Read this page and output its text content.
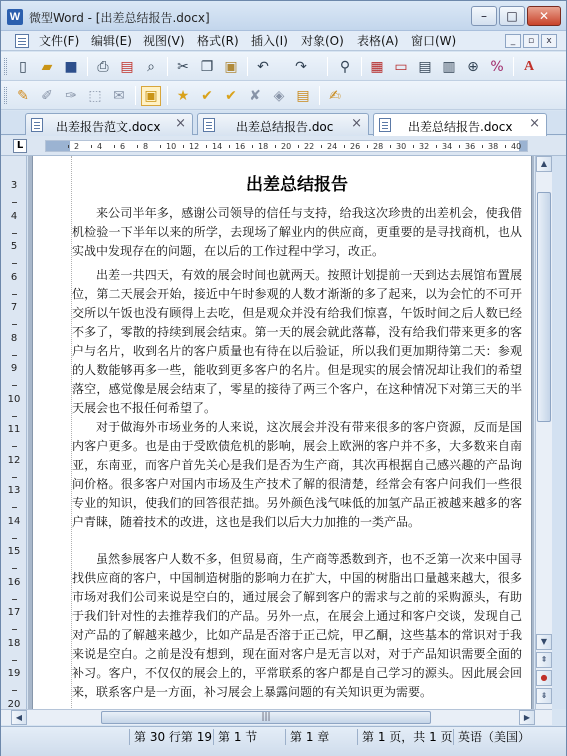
W 微型Word - [出差总结报告.docx]	–	□	✕
文件(F) 编辑(E) 视图(V) 格式(R) 插入(I) 对象(O) 表格(A) 窗口(W)	_	▫	x
▯	▰ ■	⎙ ▤ ⌕	✂ ❐ ▣ ↶ ↷	⚲	▦ ▭ ▤ ▥ ⊕ %	A
✎ ✐ ✑ ⬚ ✉ ▣ ★ ✔ ✔ ✘ ◈ ▤ ✍
出差报告范文.docx ×	出差总结报告.doc ×	出差总结报告.docx ×
L	2 4 6 8 10 12 14 16 18 20 22 24 26 28 30 32 34 36 38 40
3
4
5
6
7
8
9
10
11
12
13
14
15
16
17
18
19
20
出差总结报告

来公司半年多，感谢公司领导的信任与支持，给我这次珍贵的出差机会，使我借机检验一下半年以来的所学，去现场了解业内的供应商，更重要的是寻找商机，也从实战中发现存在的问题，在以后的工作过程中学习，改正。

出差一共四天，有效的展会时间也就两天。按照计划提前一天到达去展馆布置展位，第二天展会开始，接近中午时参观的人数才渐渐的多了起来，以为会忙的不可开交所以午饭也没有顾得上去吃，但是观众并没有给我们惊喜，午饭时间之后人数已经不多了，零散的持续到展会结束。第一天的展会就此落幕，没有给我们带来更多的客户与名片，收到名片的客户质量也有待在以后验证，所以我们更加期待第二天：参观的人数能够再多一些，能收到更多客户的名片。但是现实的展会情况却让我们的希望落空，感觉像是展会结束了，零星的接待了两三个客户，在这种情况下对第三天的半天展会也不报任何希望了。

对于做海外市场业务的人来说，这次展会并没有带来很多的客户资源，反而是国内客户更多。也是由于受欧债危机的影响，展会上欧洲的客户并不多，大多数来自南亚，东南亚，而客户首先关心是我们是否为生产商，其次再根据自己感兴趣的产品询问价格。很多客户对国内市场及生产技术了解的很清楚，经常会有客户问我们一些很专业的知识，使我们的回答很茫拙。另外颜色浅气味低的加氢产品正被越来越多的客户青睐，随着技术的改进，这也是我们以后大力加推的一类产品。

虽然参展客户人数不多，但贸易商，生产商等悉数到齐，也不乏第一次来中国寻找供应商的客户，中国制造树脂的影响力在扩大，中国的树脂出口量越来越大，很多市场对我们公司来说是空白的，通过展会了解到客户的需求与之前的采购源头，有助于我们针对性的去推荐我们的产品。另外一点，在展会上通过和客户交谈，发现自己对产品的了解越来越少，比如产品是否溶于正己烷，甲乙酮，这些基本的常识对于我来说是空白。之前是没有想到，现在面对客户是无言以对，对于产品知识需要全面的补习。客户，不仅仅的展会上的，平常联系的客户都是自己学习的源头。因此展会回来，联系客户是一方面，补习展会上暴露问题的有关知识更为需要。

▲
▼
⇞
●
⇟
◀	|||	▶
第 30 行第 19 第 1 节	第 1 章	第 1 页，共 1 页 英语（美国）
